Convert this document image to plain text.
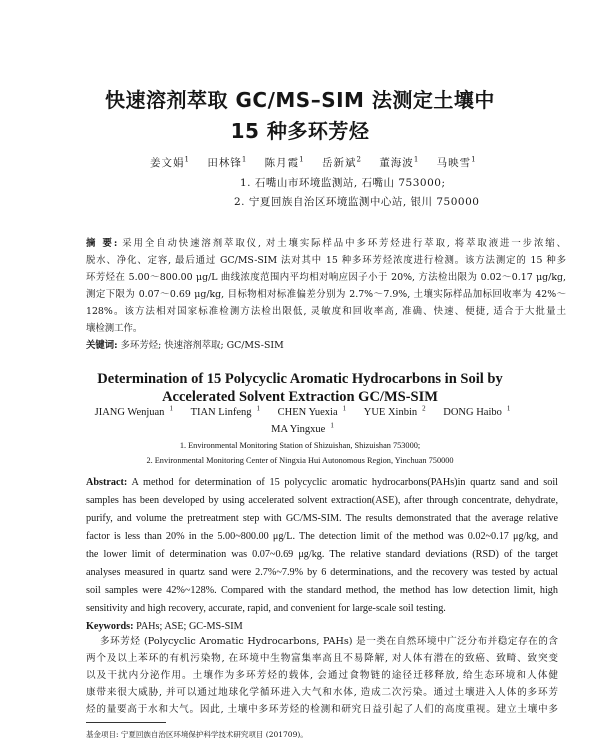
快速溶剂萃取 GC/MS–SIM 法测定土壤中
15 种多环芳烃
姜文娟$^1$ 田林锋$^1$ 陈月霞$^1$ 岳新斌$^2$ 董海波$^1$ 马映雪$^1$
1. 石嘴山市环境监测站, 石嘴山 753000;
2. 宁夏回族自治区环境监测中心站, 银川 750000
摘 要: 采用全自动快速溶剂萃取仪, 对土壤实际样品中多环芳烃进行萃取, 将萃取液进一步浓缩、
脱水、净化、定容, 最后通过 GC/MS-SIM 法对其中 15 种多环芳烃浓度进行检测。该方法测定的 15 种多
环芳烃在 5.00～800.00 μg/L 曲线浓度范围内平均相对响应因子小于 20%, 方法检出限为 0.02～0.17 μg/kg,
测定下限为 0.07～0.69 μg/kg, 目标物相对标准偏差分别为 2.7%～7.9%, 土壤实际样品加标回收率为 42%～
128%。该方法相对国家标准检测方法检出限低, 灵敏度和回收率高, 准确、快速、便捷, 适合于大批量土
壤检测工作。
关键词: 多环芳烃; 快速溶剂萃取; GC/MS-SIM
Determination of 15 Polycyclic Aromatic Hydrocarbons in Soil by
Accelerated Solvent Extraction GC/MS-SIM
JIANG Wenjuan $^1$ TIAN Linfeng $^1$ CHEN Yuexia $^1$ YUE Xinbin $^2$ DONG Haibo $^1$
MA Yingxue $^1$
1. Environmental Monitoring Station of Shizuishan, Shizuishan 753000;
2. Environmental Monitoring Center of Ningxia Hui Autonomous Region, Yinchuan 750000
Abstract: A method for determination of 15 polycyclic aromatic hydrocarbons(PAHs)in quartz sand and soil
samples has been developed by using accelerated solvent extraction(ASE), after through concentrate, dehydrate,
purify, and volume the pretreatment step with GC/MS-SIM. The results demonstrated that the average relative
factor is less than 20% in the 5.00~800.00 μg/L. The detection limit of the method was 0.02~0.17 μg/kg, and
the lower limit of determination was 0.07~0.69 μg/kg. The relative standard deviations (RSD) of the target
analyses measured in quartz sand were 2.7%~7.9% by 6 determinations, and the recovery was tested by actual
soil samples were 42%~128%. Compared with the standard method, the method has low detection limit, high
sensitivity and high recovery, accurate, rapid, and convenient for large-scale soil testing.
Keywords: PAHs; ASE; GC-MS-SIM
多环芳烃 (Polycyclic Aromatic Hydrocarbons, PAHs) 是一类在自然环境中广泛分布并稳定存在的含
两个及以上苯环的有机污染物, 在环境中生物富集率高且不易降解, 对人体有潜在的致癌、致畸、致突变
以及干扰内分泌作用。土壤作为多环芳烃的载体, 会通过食物链的途径迁移释放, 给生态环境和人体健
康带来很大威胁, 并可以通过地球化学循环进入大气和水体, 造成二次污染。通过土壤进入人体的多环芳
烃的量要高于水和大气。因此, 土壤中多环芳烃的检测和研究日益引起了人们的高度重视。建立土壤中多
基金项目: 宁夏回族自治区环境保护科学技术研究项目 (201709)。
